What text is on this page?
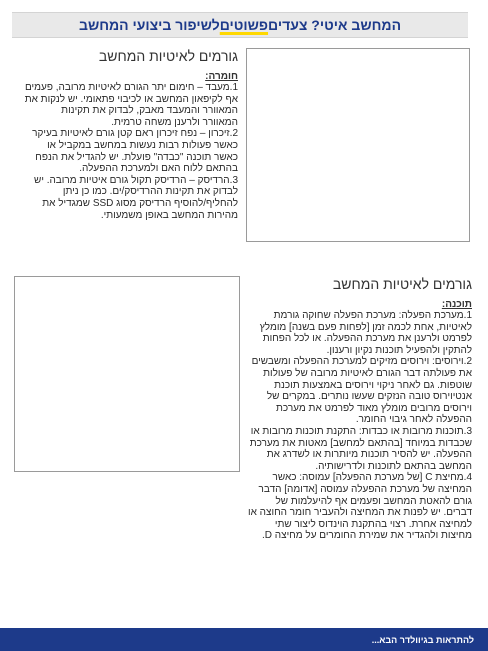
המחשב איטי? צעדים
פשוטים
לשיפור ביצועי המחשב
גורמים לאיטיות המחשב
חומרה:
1.מעבד – חימום יתר הגורם לאיטיות מרובה, פעמים אף לקיפאון המחשב או לכיבוי פתאומי. יש לנקות את המאוורר והמעבד מאבק, לבדוק את תקינות המאוורר ולרענן משחה טרמית.
2.זיכרון – נפח זיכרון ראם קטן גורם לאיטיות בעיקר כאשר פעולות רבות נעשות במחשב במקביל או כאשר תוכנה "כבדה" פועלת. יש להגדיל את הנפח בהתאם ללוח האם ולמערכת ההפעלה.
3.הרדיסק – הרדיסק תקול גורם איטיות מרובה. יש לבדוק את תקינות ההרדיסק/ים. כמו כן ניתן להחליף/להוסיף הרדיסק מסוג SSD שמגדיל את מהירות המחשב באופן משמעותי.
גורמים לאיטיות המחשב
תוכנה:
1.מערכת הפעלה: מערכת הפעלה שחוקה גורמת לאיטיות, אחת לכמה זמן [לפחות פעם בשנה] מומלץ לפרמט ולרענן את מערכת ההפעלה. או לכל הפחות להתקין ולהפעיל תוכנות נקיון ורענון.
2.וירוסים: וירוסים מזיקים למערכת ההפעלה ומשבשים את פעולתה דבר הגורם לאיטיות מרובה של פעולות שוטפות. גם לאחר ניקוי וירוסים באמצעות תוכנת אנטיוירוס טובה הנזקים שעשו נותרים. במקרים של וירוסים מרובים מומלץ מאוד לפרמט את מערכת ההפעלה לאחר גיבוי החומר.
3.תוכנות מרובות או כבדות: התקנת תוכנות מרובות או שכבדות במיוחד [בהתאם למחשב] מאטות את מערכת ההפעלה. יש להסיר תוכנות מיותרות או לשדרג את המחשב בהתאם לתוכנות ולדרישותיה.
4.מחיצת C [של מערכת ההפעלה] עמוסה: כאשר המחיצה של מערכת ההפעלה עמוסה [אדומה] הדבר גורם להאטת המחשב ופעמים אף להיעלמות של דברים. יש לפנות את המחיצה ולהעביר חומר החוצה או למחיצה אחרת. רצוי בהתקנת הוינדוס ליצור שתי מחיצות ולהגדיר את שמירת החומרים על מחיצה D.
להתראות בגיוולדר הבא...
